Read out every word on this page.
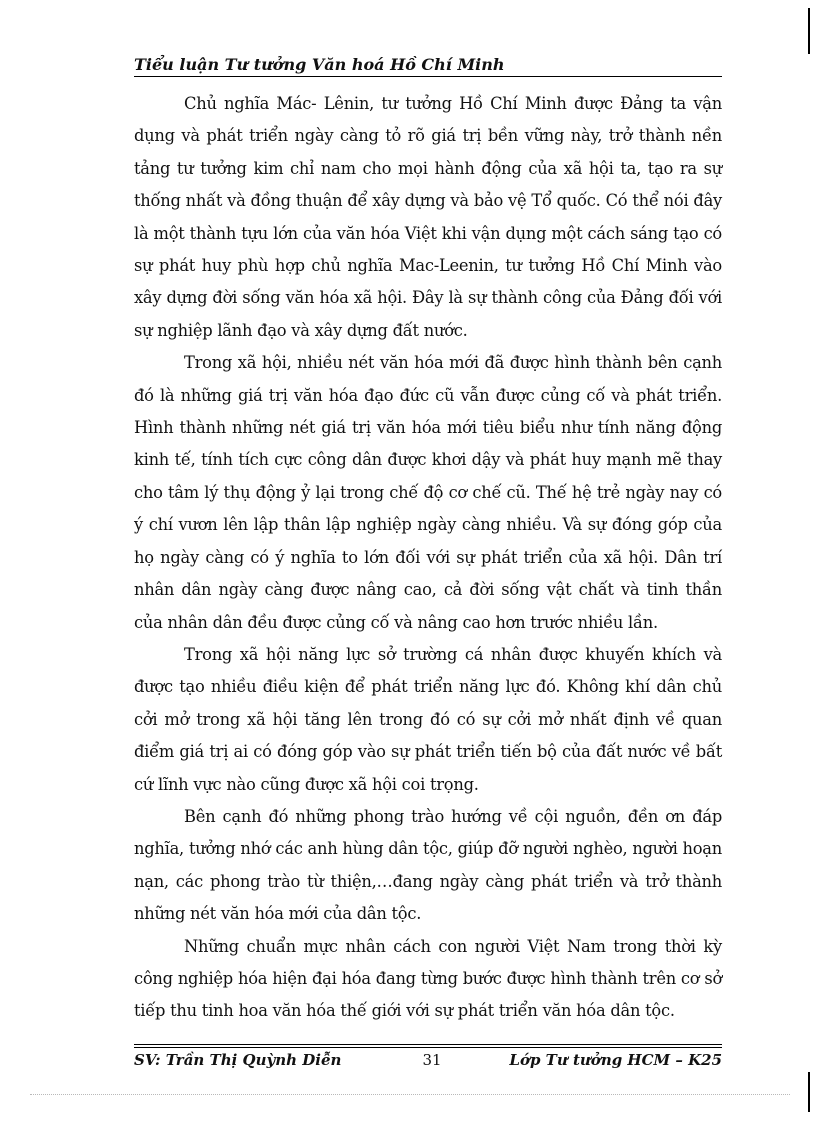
Tiểu luận Tư tưởng Văn hoá Hồ Chí Minh

Chủ nghĩa Mác- Lênin, tư tưởng Hồ Chí Minh được Đảng ta vận dụng và phát triển ngày càng tỏ rõ giá trị bền vững này, trở thành nền tảng tư tưởng kim chỉ nam cho mọi hành động của xã hội ta, tạo ra sự thống nhất và đồng thuận để xây dựng và bảo vệ Tổ quốc. Có thể nói đây là một thành tựu lớn của văn hóa Việt khi vận dụng một cách sáng tạo có sự phát huy phù hợp chủ nghĩa Mac-Leenin, tư tưởng Hồ Chí Minh vào xây dựng đời sống văn hóa xã hội. Đây là sự thành công của Đảng đối với sự nghiệp lãnh đạo và xây dựng đất nước.

Trong xã hội, nhiều nét văn hóa mới đã được hình thành bên cạnh đó là những giá trị văn hóa đạo đức cũ vẫn được củng cố và phát triển. Hình thành những nét giá trị văn hóa mới tiêu biểu như tính năng động kinh tế, tính tích cực công dân được khơi dậy và phát huy mạnh mẽ thay cho tâm lý thụ động ỷ lại trong chế độ cơ chế cũ. Thế hệ trẻ ngày nay có ý chí vươn lên lập thân lập nghiệp ngày càng nhiều. Và sự đóng góp của họ ngày càng có ý nghĩa to lớn đối với sự phát triển của xã hội. Dân trí nhân dân ngày càng được nâng cao, cả đời sống vật chất và tinh thần của nhân dân đều được củng cố và nâng cao hơn trước nhiều lần.

Trong xã hội năng lực sở trường cá nhân được khuyến khích và được tạo nhiều điều kiện để phát triển năng lực đó. Không khí dân chủ cởi mở trong xã hội tăng lên trong đó có sự cởi mở nhất định về quan điểm giá trị ai có đóng góp vào sự phát triển tiến bộ của đất nước về bất cứ lĩnh vực nào cũng được xã hội coi trọng.

Bên cạnh đó những phong trào hướng về cội nguồn, đền ơn đáp nghĩa, tưởng nhớ các anh hùng dân tộc, giúp đỡ người nghèo, người hoạn nạn, các phong trào từ thiện,…đang ngày càng phát triển và trở thành những nét văn hóa mới của dân tộc.

Những chuẩn mực nhân cách con người Việt Nam trong thời kỳ công nghiệp hóa hiện đại hóa đang từng bước được hình thành trên cơ sở tiếp thu tinh hoa văn hóa thế giới với sự phát triển văn hóa dân tộc.

SV: Trần Thị Quỳnh Diễn	31	Lớp Tư tưởng HCM – K25
